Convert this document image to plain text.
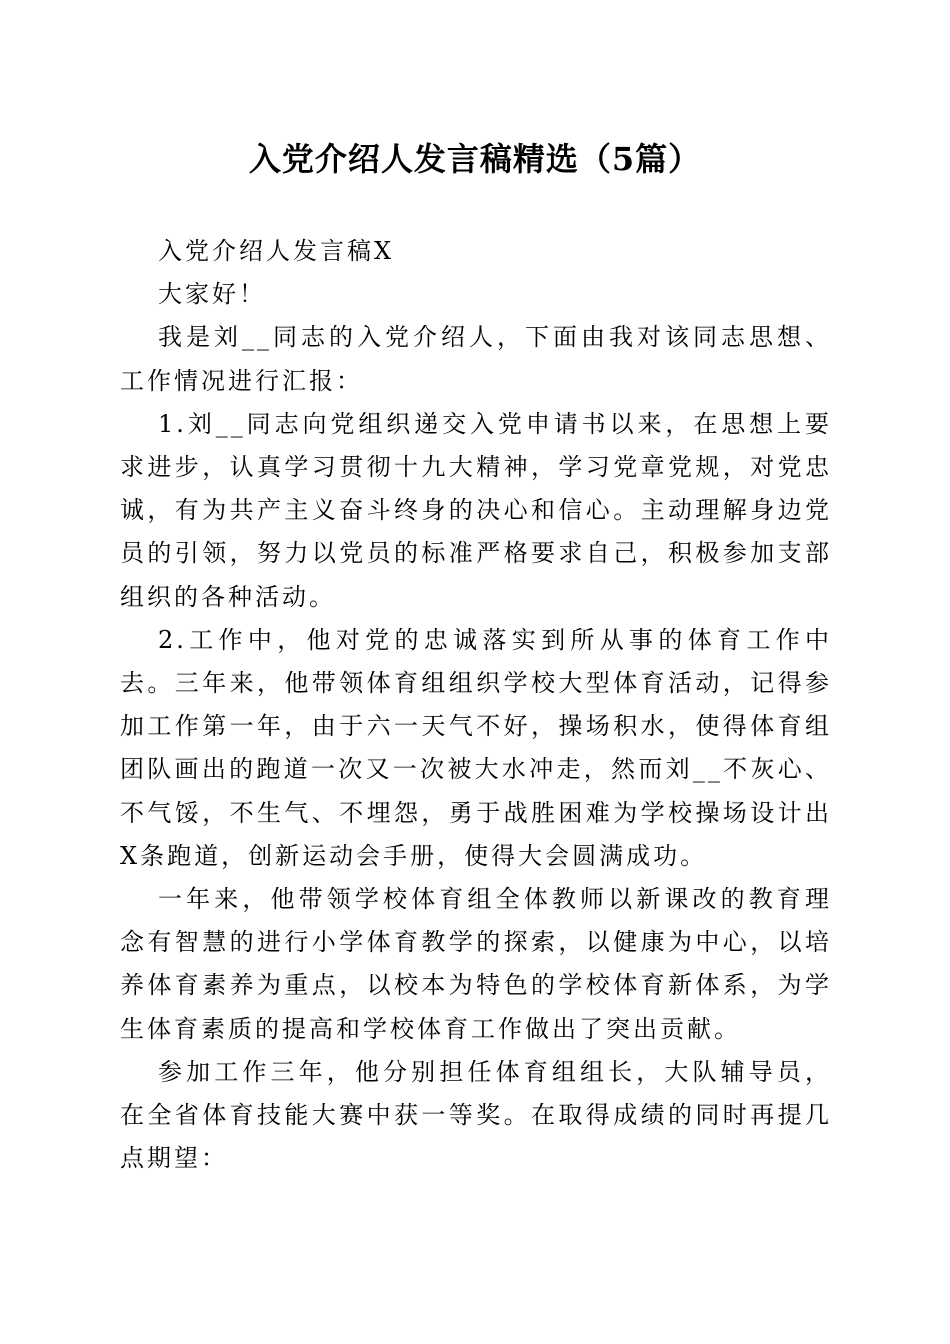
入党介绍人发言稿精选（5篇）

入党介绍人发言稿X

大家好！

我是刘__同志的入党介绍人，下面由我对该同志思想、工作情况进行汇报：

1.刘__同志向党组织递交入党申请书以来，在思想上要求进步，认真学习贯彻十九大精神，学习党章党规，对党忠诚，有为共产主义奋斗终身的决心和信心。主动理解身边党员的引领，努力以党员的标准严格要求自己，积极参加支部组织的各种活动。

2.工作中，他对党的忠诚落实到所从事的体育工作中去。三年来，他带领体育组组织学校大型体育活动，记得参加工作第一年，由于六一天气不好，操场积水，使得体育组团队画出的跑道一次又一次被大水冲走，然而刘__不灰心、不气馁，不生气、不埋怨，勇于战胜困难为学校操场设计出X条跑道，创新运动会手册，使得大会圆满成功。

一年来，他带领学校体育组全体教师以新课改的教育理念有智慧的进行小学体育教学的探索，以健康为中心，以培养体育素养为重点，以校本为特色的学校体育新体系，为学生体育素质的提高和学校体育工作做出了突出贡献。

参加工作三年，他分别担任体育组组长，大队辅导员，在全省体育技能大赛中获一等奖。在取得成绩的同时再提几点期望：
